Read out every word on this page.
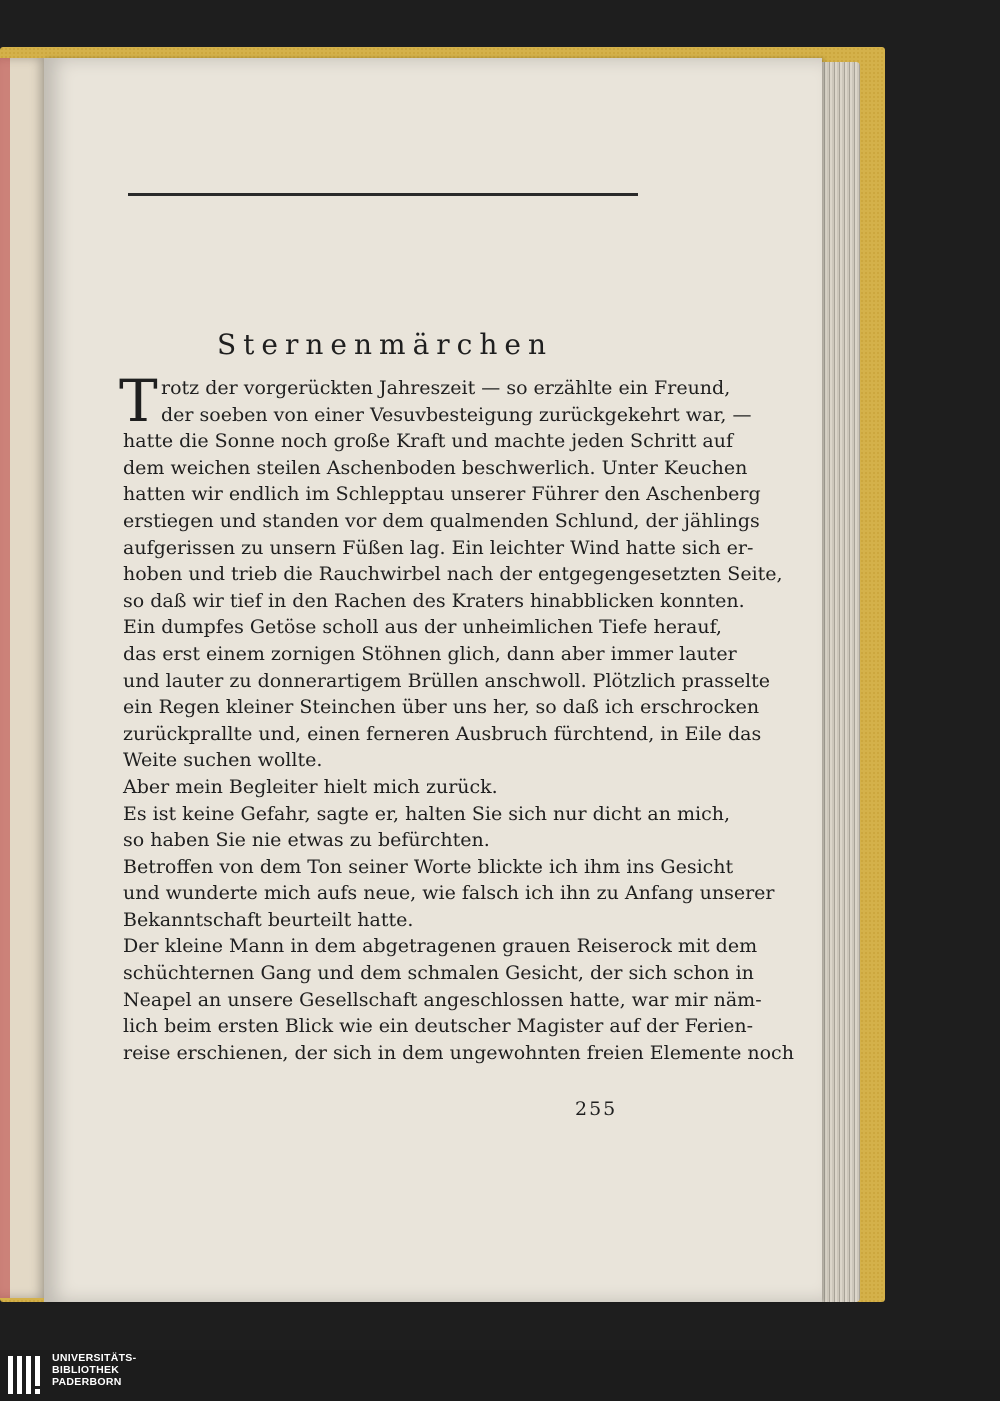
Sternenmärchen
T rotz der vorgerückten Jahreszeit — so erzählte ein Freund,
der soeben von einer Vesuvbesteigung zurückgekehrt war, —
hatte die Sonne noch große Kraft und machte jeden Schritt auf
dem weichen steilen Aschenboden beschwerlich. Unter Keuchen
hatten wir endlich im Schlepptau unserer Führer den Aschenberg
erstiegen und standen vor dem qualmenden Schlund, der jählings
aufgerissen zu unsern Füßen lag. Ein leichter Wind hatte sich er-
hoben und trieb die Rauchwirbel nach der entgegengesetzten Seite,
so daß wir tief in den Rachen des Kraters hinabblicken konnten.
Ein dumpfes Getöse scholl aus der unheimlichen Tiefe herauf,
das erst einem zornigen Stöhnen glich, dann aber immer lauter
und lauter zu donnerartigem Brüllen anschwoll. Plötzlich prasselte
ein Regen kleiner Steinchen über uns her, so daß ich erschrocken
zurückprallte und, einen ferneren Ausbruch fürchtend, in Eile das
Weite suchen wollte.
Aber mein Begleiter hielt mich zurück.
Es ist keine Gefahr, sagte er, halten Sie sich nur dicht an mich,
so haben Sie nie etwas zu befürchten.
Betroffen von dem Ton seiner Worte blickte ich ihm ins Gesicht
und wunderte mich aufs neue, wie falsch ich ihn zu Anfang unserer
Bekanntschaft beurteilt hatte.
Der kleine Mann in dem abgetragenen grauen Reiserock mit dem
schüchternen Gang und dem schmalen Gesicht, der sich schon in
Neapel an unsere Gesellschaft angeschlossen hatte, war mir näm-
lich beim ersten Blick wie ein deutscher Magister auf der Ferien-
reise erschienen, der sich in dem ungewohnten freien Elemente noch
255
UNIVERSITÄTS-
BIBLIOTHEK
PADERBORN
